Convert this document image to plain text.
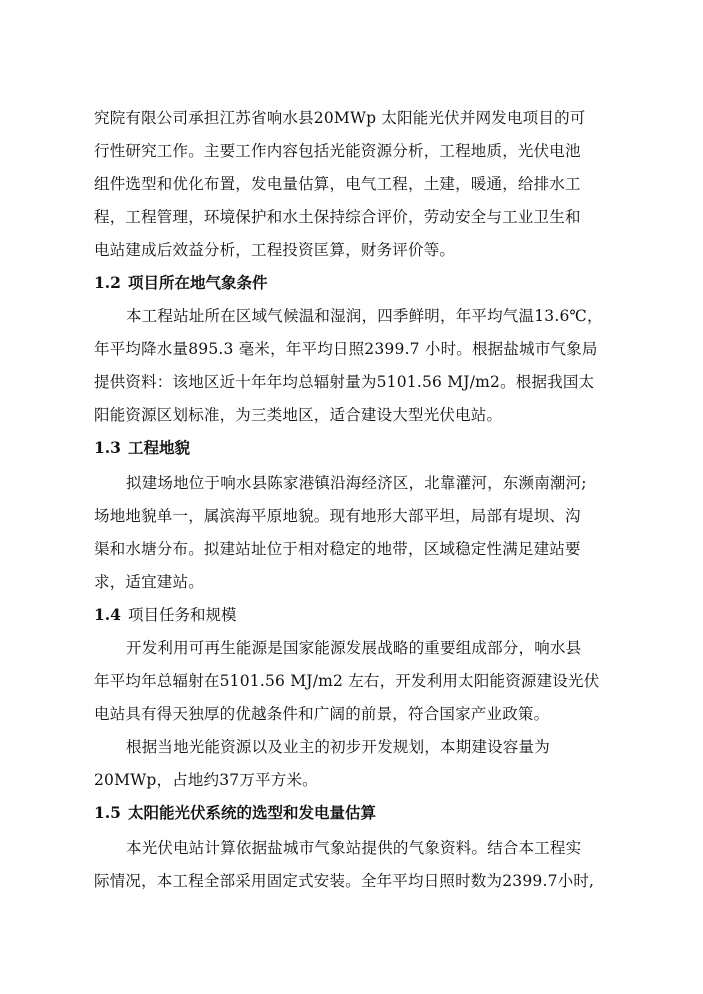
究院有限公司承担江苏省响水县20MWp 太阳能光伏并网发电项目的可
行性研究工作。主要工作内容包括光能资源分析，工程地质，光伏电池
组件选型和优化布置，发电量估算，电气工程，土建，暖通，给排水工
程，工程管理，环境保护和水土保持综合评价，劳动安全与工业卫生和
电站建成后效益分析，工程投资匡算，财务评价等。
1.2 项目所在地气象条件
本工程站址所在区域气候温和湿润，四季鲜明，年平均气温13.6℃，
年平均降水量895.3 毫米，年平均日照2399.7 小时。根据盐城市气象局
提供资料：该地区近十年年均总辐射量为5101.56 MJ/m2。根据我国太
阳能资源区划标准，为三类地区，适合建设大型光伏电站。
1.3 工程地貌
拟建场地位于响水县陈家港镇沿海经济区，北靠灌河，东濒南潮河;
场地地貌单一，属滨海平原地貌。现有地形大部平坦，局部有堤坝、沟
渠和水塘分布。拟建站址位于相对稳定的地带，区域稳定性满足建站要
求，适宜建站。
1.4 项目任务和规模
开发利用可再生能源是国家能源发展战略的重要组成部分，响水县
年平均年总辐射在5101.56 MJ/m2 左右，开发利用太阳能资源建设光伏
电站具有得天独厚的优越条件和广阔的前景，符合国家产业政策。
根据当地光能资源以及业主的初步开发规划，本期建设容量为
20MWp，占地约37万平方米。
1.5 太阳能光伏系统的选型和发电量估算
本光伏电站计算依据盐城市气象站提供的气象资料。结合本工程实
际情况，本工程全部采用固定式安装。全年平均日照时数为2399.7小时,
